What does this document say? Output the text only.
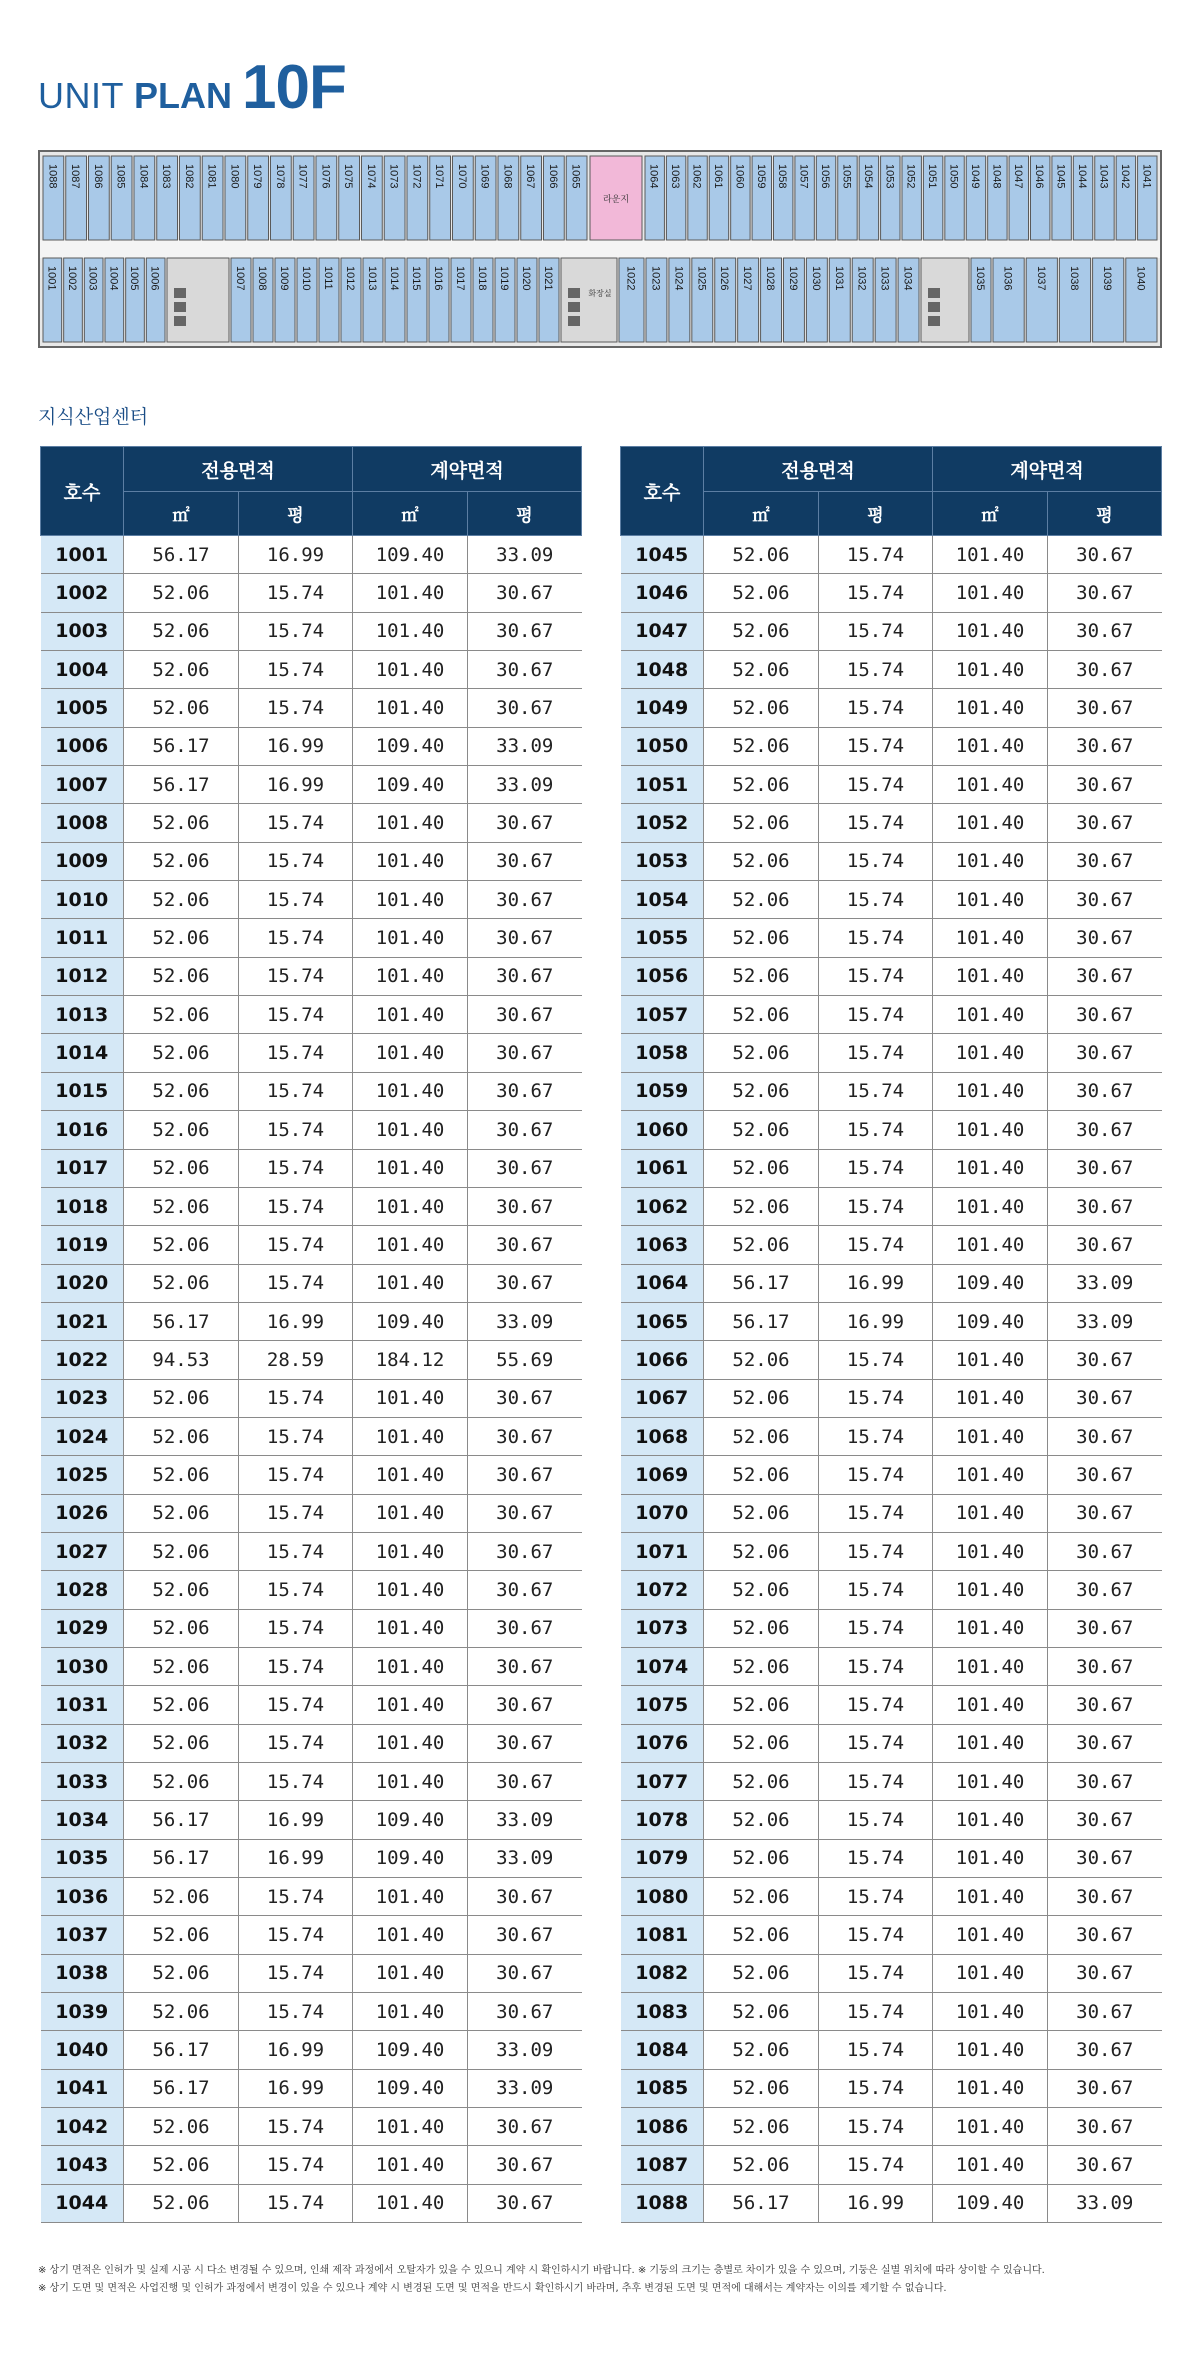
UNIT PLAN 10F
1088 1087 1086 1085 1084 1083 1082 1081 1080 1079 1078 1077 1076 1075 1074 1073 1072 1071 1070 1069 1068 1067 1066 1065	1064 1063 1062 1061 1060 1059 1058 1057 1056 1055 1054 1053 1052 1051 1050 1049 1048 1047 1046 1045 1044 1043 1042 1041
라운지
1001 1002 1003 1004 1005 1006	1007 1008 1009 1010 1011 1012 1013 1014 1015 1016 1017 1018 1019 1020 1021	1022 1023 1024 1025 1026 1027 1028 1029 1030 1031 1032 1033 1034	1035 1036 1037 1038 1039 1040
화장실
지식산업센터
호수	전용면적		계약면적	
	㎡	평	㎡	평
1001	56.17	16.99	109.40	33.09
1002	52.06	15.74	101.40	30.67
1003	52.06	15.74	101.40	30.67
1004	52.06	15.74	101.40	30.67
1005	52.06	15.74	101.40	30.67
1006	56.17	16.99	109.40	33.09
1007	56.17	16.99	109.40	33.09
1008	52.06	15.74	101.40	30.67
1009	52.06	15.74	101.40	30.67
1010	52.06	15.74	101.40	30.67
1011	52.06	15.74	101.40	30.67
1012	52.06	15.74	101.40	30.67
1013	52.06	15.74	101.40	30.67
1014	52.06	15.74	101.40	30.67
1015	52.06	15.74	101.40	30.67
1016	52.06	15.74	101.40	30.67
1017	52.06	15.74	101.40	30.67
1018	52.06	15.74	101.40	30.67
1019	52.06	15.74	101.40	30.67
1020	52.06	15.74	101.40	30.67
1021	56.17	16.99	109.40	33.09
1022	94.53	28.59	184.12	55.69
1023	52.06	15.74	101.40	30.67
1024	52.06	15.74	101.40	30.67
1025	52.06	15.74	101.40	30.67
1026	52.06	15.74	101.40	30.67
1027	52.06	15.74	101.40	30.67
1028	52.06	15.74	101.40	30.67
1029	52.06	15.74	101.40	30.67
1030	52.06	15.74	101.40	30.67
1031	52.06	15.74	101.40	30.67
1032	52.06	15.74	101.40	30.67
1033	52.06	15.74	101.40	30.67
1034	56.17	16.99	109.40	33.09
1035	56.17	16.99	109.40	33.09
1036	52.06	15.74	101.40	30.67
1037	52.06	15.74	101.40	30.67
1038	52.06	15.74	101.40	30.67
1039	52.06	15.74	101.40	30.67
1040	56.17	16.99	109.40	33.09
1041	56.17	16.99	109.40	33.09
1042	52.06	15.74	101.40	30.67
1043	52.06	15.74	101.40	30.67
1044	52.06	15.74	101.40	30.67
호수	전용면적		계약면적	
	㎡	평	㎡	평
1045	52.06	15.74	101.40	30.67
1046	52.06	15.74	101.40	30.67
1047	52.06	15.74	101.40	30.67
1048	52.06	15.74	101.40	30.67
1049	52.06	15.74	101.40	30.67
1050	52.06	15.74	101.40	30.67
1051	52.06	15.74	101.40	30.67
1052	52.06	15.74	101.40	30.67
1053	52.06	15.74	101.40	30.67
1054	52.06	15.74	101.40	30.67
1055	52.06	15.74	101.40	30.67
1056	52.06	15.74	101.40	30.67
1057	52.06	15.74	101.40	30.67
1058	52.06	15.74	101.40	30.67
1059	52.06	15.74	101.40	30.67
1060	52.06	15.74	101.40	30.67
1061	52.06	15.74	101.40	30.67
1062	52.06	15.74	101.40	30.67
1063	52.06	15.74	101.40	30.67
1064	56.17	16.99	109.40	33.09
1065	56.17	16.99	109.40	33.09
1066	52.06	15.74	101.40	30.67
1067	52.06	15.74	101.40	30.67
1068	52.06	15.74	101.40	30.67
1069	52.06	15.74	101.40	30.67
1070	52.06	15.74	101.40	30.67
1071	52.06	15.74	101.40	30.67
1072	52.06	15.74	101.40	30.67
1073	52.06	15.74	101.40	30.67
1074	52.06	15.74	101.40	30.67
1075	52.06	15.74	101.40	30.67
1076	52.06	15.74	101.40	30.67
1077	52.06	15.74	101.40	30.67
1078	52.06	15.74	101.40	30.67
1079	52.06	15.74	101.40	30.67
1080	52.06	15.74	101.40	30.67
1081	52.06	15.74	101.40	30.67
1082	52.06	15.74	101.40	30.67
1083	52.06	15.74	101.40	30.67
1084	52.06	15.74	101.40	30.67
1085	52.06	15.74	101.40	30.67
1086	52.06	15.74	101.40	30.67
1087	52.06	15.74	101.40	30.67
1088	56.17	16.99	109.40	33.09
※ 상기 면적은 인허가 및 실제 시공 시 다소 변경될 수 있으며, 인쇄 제작 과정에서 오탈자가 있을 수 있으니 계약 시 확인하시기 바랍니다. ※ 기둥의 크기는 층별로 차이가 있을 수 있으며, 기둥은 실별 위치에 따라 상이할 수 있습니다.
※ 상기 도면 및 면적은 사업진행 및 인허가 과정에서 변경이 있을 수 있으나 계약 시 변경된 도면 및 면적을 반드시 확인하시기 바라며, 추후 변경된 도면 및 면적에 대해서는 계약자는 이의를 제기할 수 없습니다.
